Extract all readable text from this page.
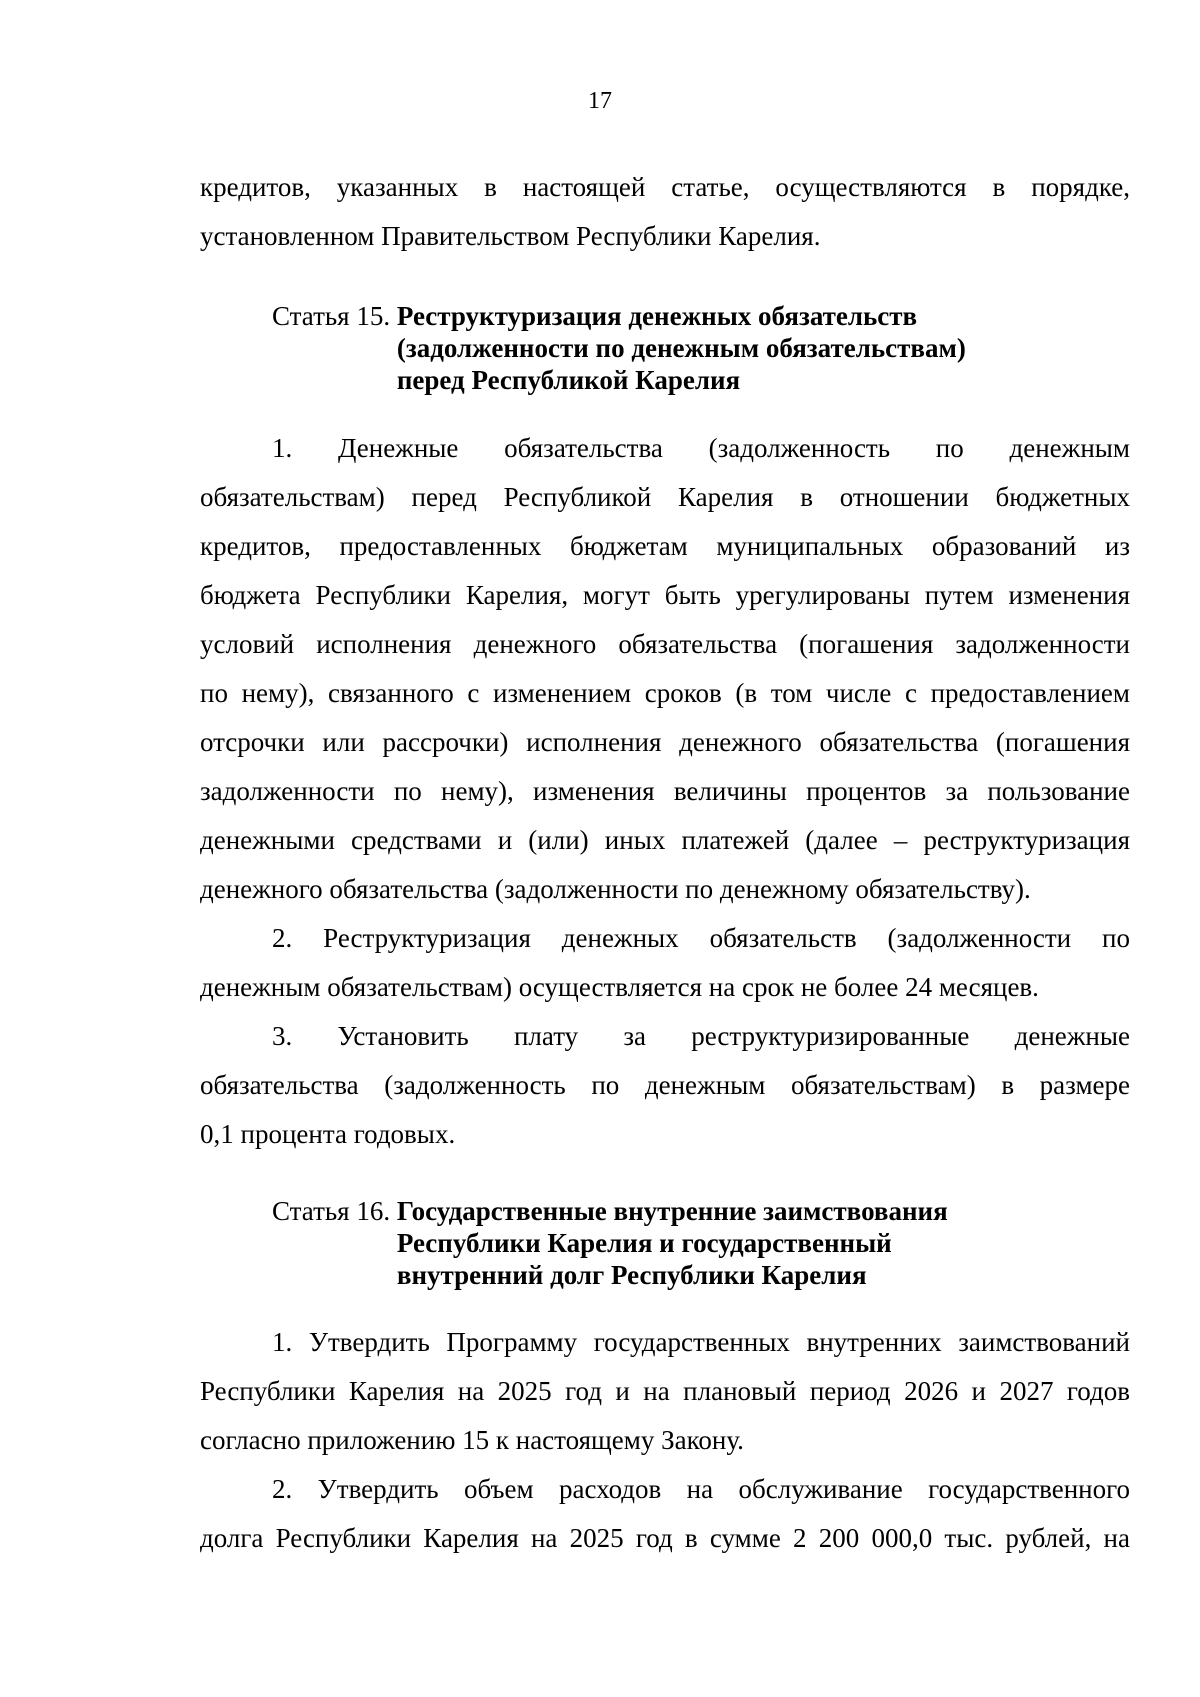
17
кредитов, указанных в настоящей статье, осуществляются в порядке,
установленном Правительством Республики Карелия.
Статья 15. Реструктуризация денежных обязательств
(задолженности по денежным обязательствам)
перед Республикой Карелия
1. Денежные обязательства (задолженность по денежным
обязательствам) перед Республикой Карелия в отношении бюджетных
кредитов, предоставленных бюджетам муниципальных образований из
бюджета Республики Карелия, могут быть урегулированы путем изменения
условий исполнения денежного обязательства (погашения задолженности
по нему), связанного с изменением сроков (в том числе с предоставлением
отсрочки или рассрочки) исполнения денежного обязательства (погашения
задолженности по нему), изменения величины процентов за пользование
денежными средствами и (или) иных платежей (далее – реструктуризация
денежного обязательства (задолженности по денежному обязательству).
2. Реструктуризация денежных обязательств (задолженности по
денежным обязательствам) осуществляется на срок не более 24 месяцев.
3. Установить плату за реструктуризированные денежные
обязательства (задолженность по денежным обязательствам) в размере
0,1 процента годовых.
Статья 16. Государственные внутренние заимствования
Республики Карелия и государственный
внутренний долг Республики Карелия
1. Утвердить Программу государственных внутренних заимствований
Республики Карелия на 2025 год и на плановый период 2026 и 2027 годов
согласно приложению 15 к настоящему Закону.
2. Утвердить объем расходов на обслуживание государственного
долга Республики Карелия на 2025 год в сумме 2 200 000,0 тыс. рублей, на
